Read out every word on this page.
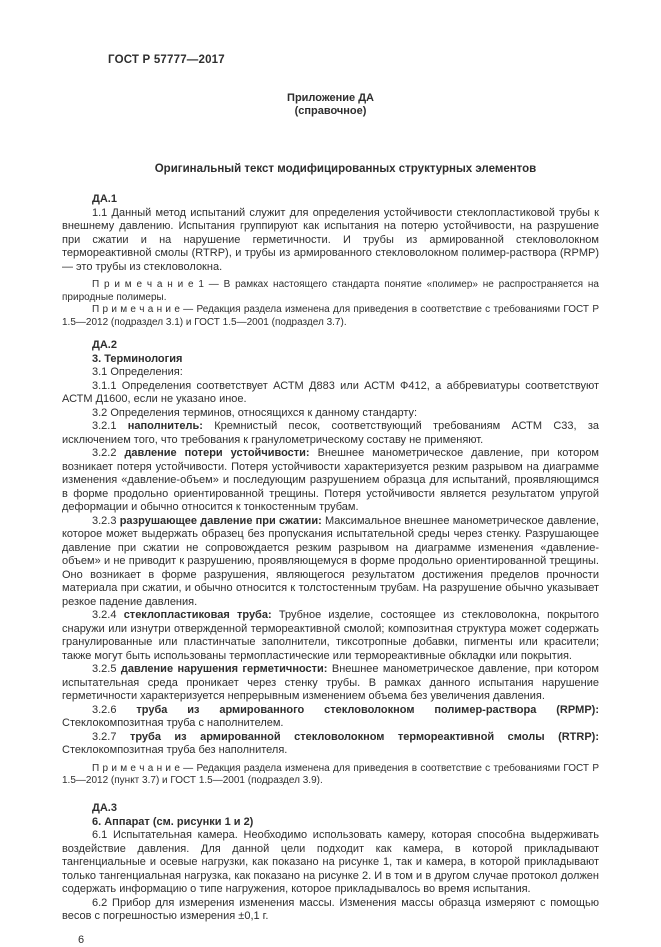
ГОСТ Р 57777—2017

Приложение ДА
(справочное)

Оригинальный текст модифицированных структурных элементов

ДА.1

1.1 Данный метод испытаний служит для определения устойчивости стеклопластиковой трубы к внешнему давлению. Испытания группируют как испытания на потерю устойчивости, на разрушение при сжатии и на нарушение герметичности. И трубы из армированной стекловолокном термореактивной смолы (RTRP), и трубы из армированного стекловолокном полимер-раствора (RPMP) — это трубы из стекловолокна.

П р и м е ч а н и е 1 — В рамках настоящего стандарта понятие «полимер» не распространяется на природные полимеры.

П р и м е ч а н и е — Редакция раздела изменена для приведения в соответствие с требованиями ГОСТ Р 1.5—2012 (подраздел 3.1) и ГОСТ 1.5—2001 (подраздел 3.7).

ДА.2

3. Терминология

3.1 Определения:

3.1.1 Определения соответствует АСТМ Д883 или АСТМ Ф412, а аббревиатуры соответствуют АСТМ Д1600, если не указано иное.

3.2 Определения терминов, относящихся к данному стандарту:

3.2.1 наполнитель: Кремнистый песок, соответствующий требованиям АСТМ С33, за исключением того, что требования к гранулометрическому составу не применяют.

3.2.2 давление потери устойчивости: Внешнее манометрическое давление, при котором возникает потеря устойчивости. Потеря устойчивости характеризуется резким разрывом на диаграмме изменения «давление-объем» и последующим разрушением образца для испытаний, проявляющимся в форме продольно ориентированной трещины. Потеря устойчивости является результатом упругой деформации и обычно относится к тонкостенным трубам.

3.2.3 разрушающее давление при сжатии: Максимальное внешнее манометрическое давление, которое может выдержать образец без пропускания испытательной среды через стенку. Разрушающее давление при сжатии не сопровождается резким разрывом на диаграмме изменения «давление-объем» и не приводит к разрушению, проявляющемуся в форме продольно ориентированной трещины. Оно возникает в форме разрушения, являющегося результатом достижения пределов прочности материала при сжатии, и обычно относится к толстостенным трубам. На разрушение обычно указывает резкое падение давления.

3.2.4 стеклопластиковая труба: Трубное изделие, состоящее из стекловолокна, покрытого снаружи или изнутри отвержденной термореактивной смолой; композитная структура может содержать гранулированные или пластинчатые заполнители, тиксотропные добавки, пигменты или красители; также могут быть использованы термопластические или термореактивные обкладки или покрытия.

3.2.5 давление нарушения герметичности: Внешнее манометрическое давление, при котором испытательная среда проникает через стенку трубы. В рамках данного испытания нарушение герметичности характеризуется непрерывным изменением объема без увеличения давления.

3.2.6 труба из армированного стекловолокном полимер-раствора (RPMP): Стеклокомпозитная труба с наполнителем.

3.2.7 труба из армированной стекловолокном термореактивной смолы (RTRP): Стеклокомпозитная труба без наполнителя.

П р и м е ч а н и е — Редакция раздела изменена для приведения в соответствие с требованиями ГОСТ Р 1.5—2012 (пункт 3.7) и ГОСТ 1.5—2001 (подраздел 3.9).

ДА.3

6. Аппарат (см. рисунки 1 и 2)

6.1 Испытательная камера. Необходимо использовать камеру, которая способна выдерживать воздействие давления. Для данной цели подходит как камера, в которой прикладывают тангенциальные и осевые нагрузки, как показано на рисунке 1, так и камера, в которой прикладывают только тангенциальная нагрузка, как показано на рисунке 2. И в том и в другом случае протокол должен содержать информацию о типе нагружения, которое прикладывалось во время испытания.

6.2 Прибор для измерения изменения массы. Изменения массы образца измеряют с помощью весов с погрешностью измерения ±0,1 г.

6
